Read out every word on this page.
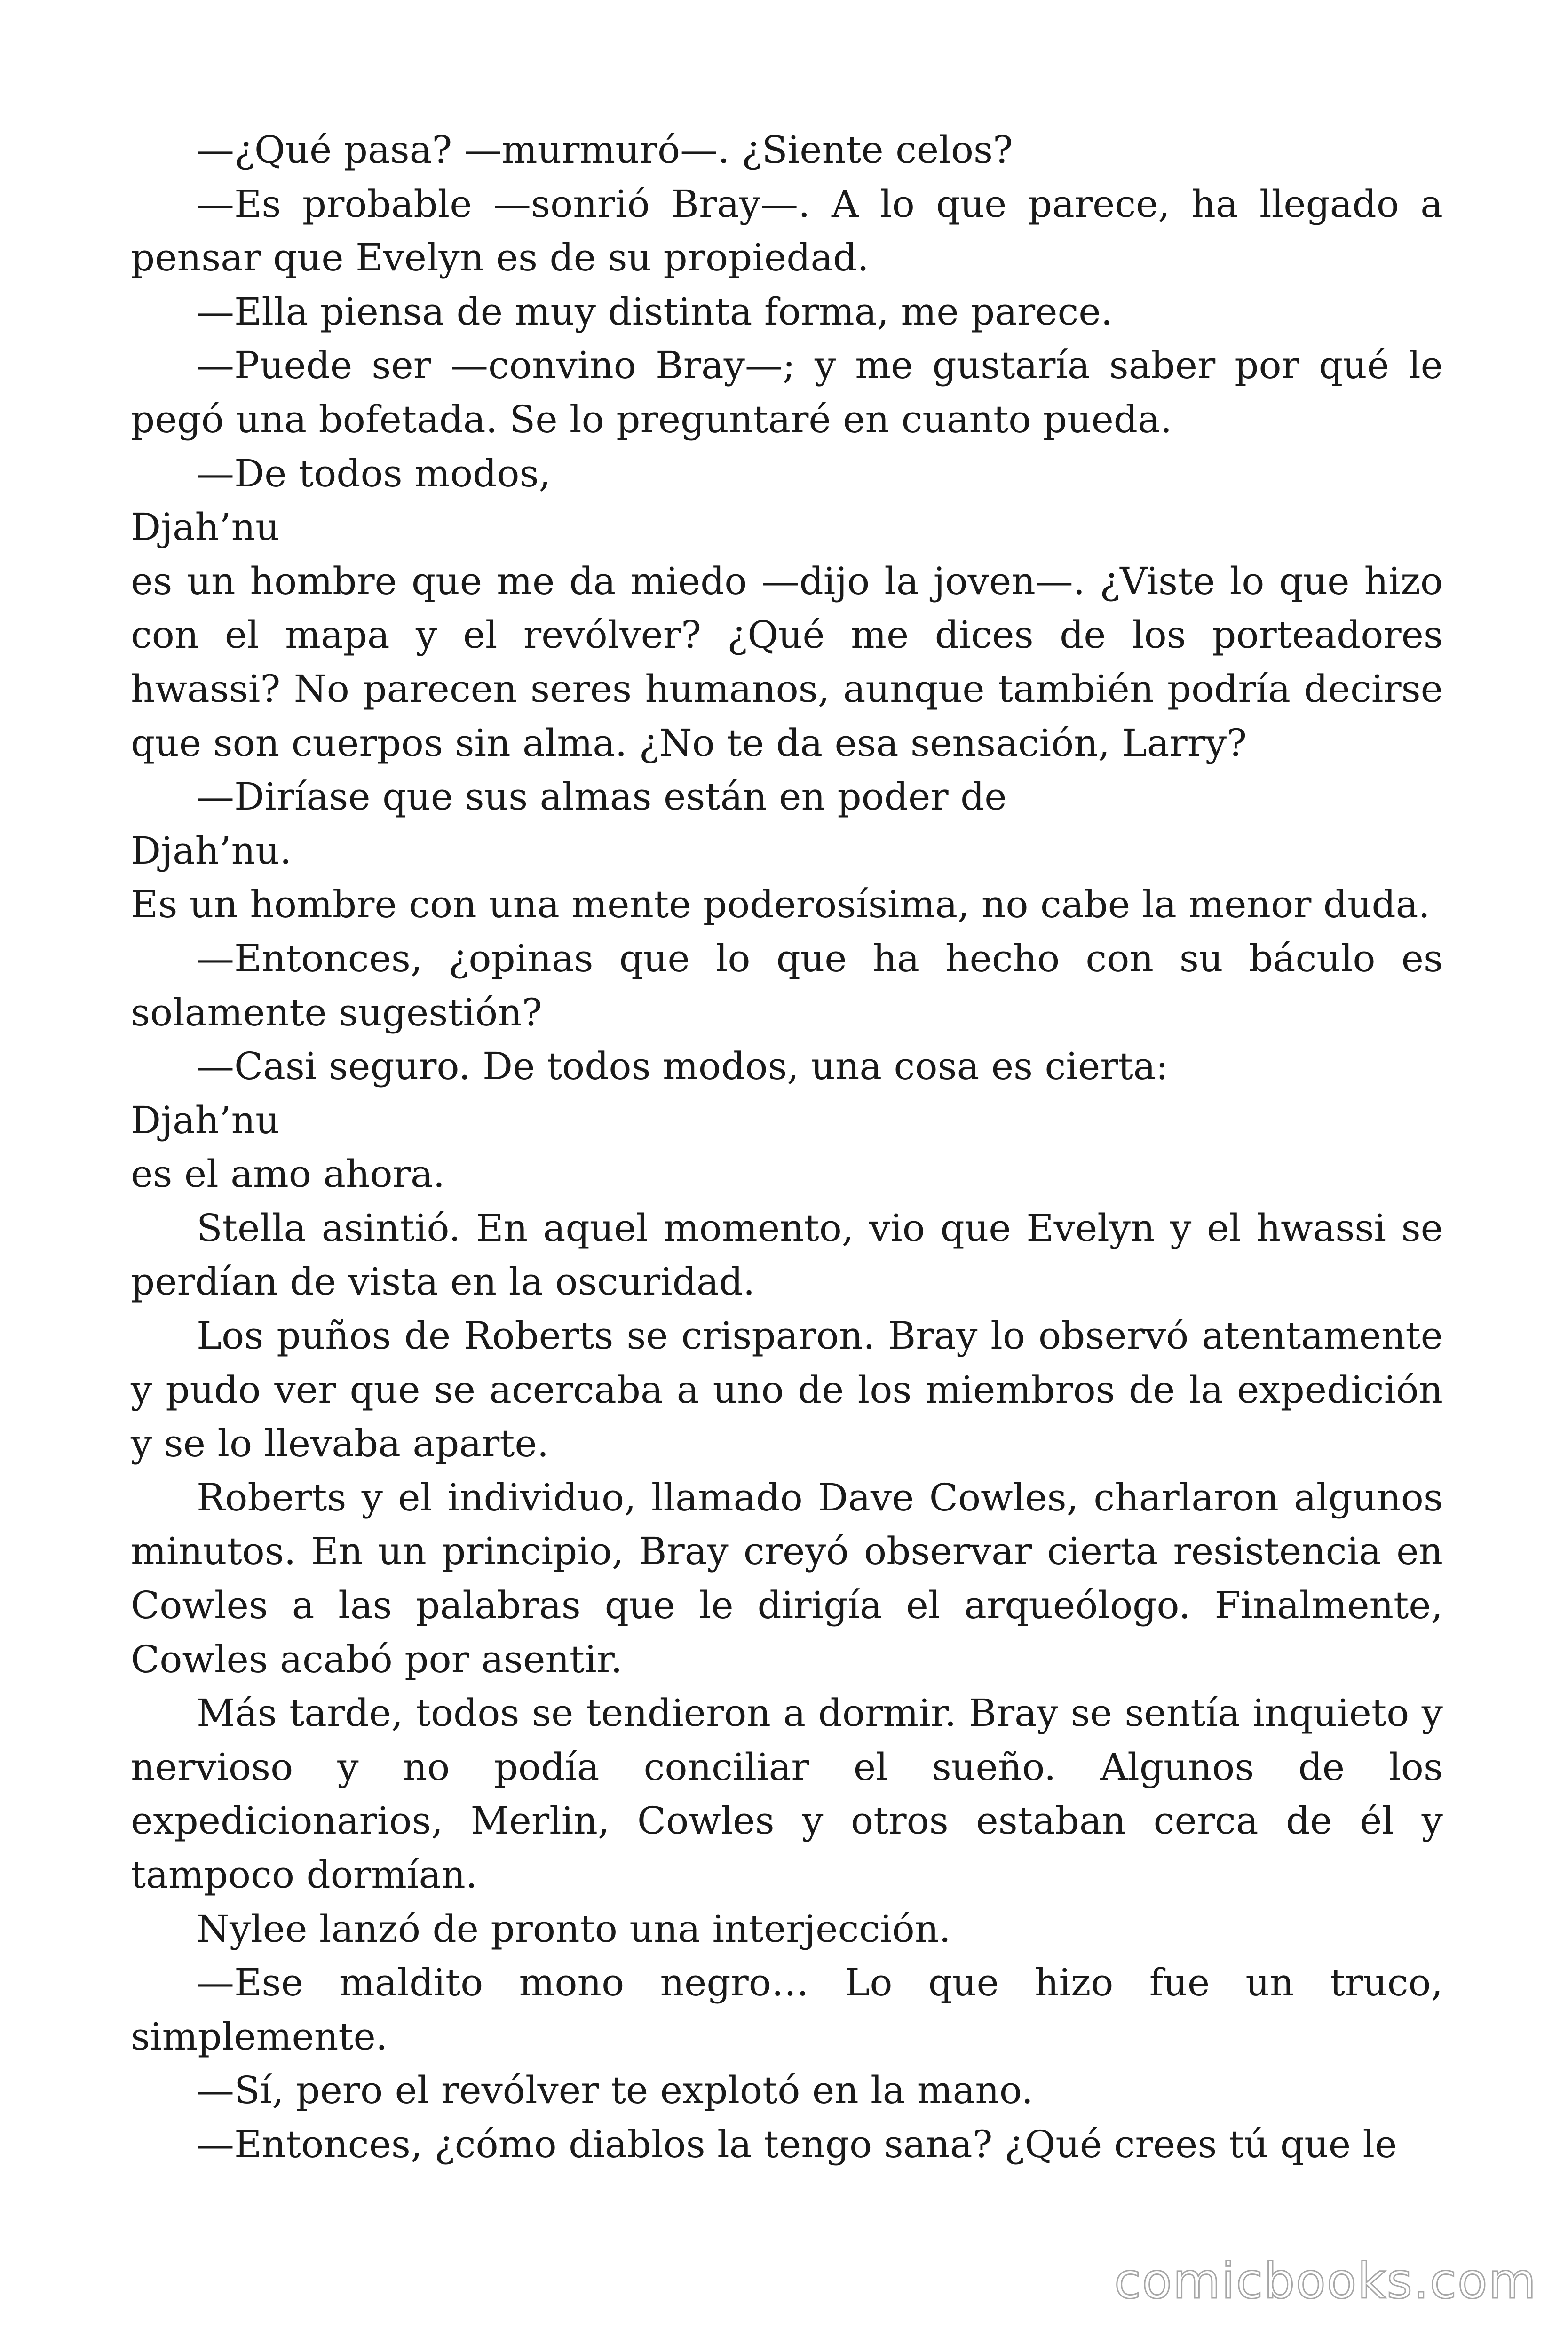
—¿Qué pasa? —murmuró—. ¿Siente celos?

—Es probable —sonrió Bray—. A lo que parece, ha llegado a pensar que Evelyn es de su propiedad.

—Ella piensa de muy distinta forma, me parece.

—Puede ser —convino Bray—; y me gustaría saber por qué le pegó una bofetada. Se lo preguntaré en cuanto pueda.

—De todos modos,

Djah’nu

es un hombre que me da miedo —dijo la joven—. ¿Viste lo que hizo con el mapa y el revólver? ¿Qué me dices de los porteadores hwassi? No parecen seres humanos, aunque también podría decirse que son cuerpos sin alma. ¿No te da esa sensación, Larry?

—Diríase que sus almas están en poder de

Djah’nu.

Es un hombre con una mente poderosísima, no cabe la menor duda.

—Entonces, ¿opinas que lo que ha hecho con su báculo es solamente sugestión?

—Casi seguro. De todos modos, una cosa es cierta:

Djah’nu

es el amo ahora.

Stella asintió. En aquel momento, vio que Evelyn y el hwassi se perdían de vista en la oscuridad.

Los puños de Roberts se crisparon. Bray lo observó atentamente y pudo ver que se acercaba a uno de los miembros de la expedición y se lo llevaba aparte.

Roberts y el individuo, llamado Dave Cowles, charlaron algunos minutos. En un principio, Bray creyó observar cierta resistencia en Cowles a las palabras que le dirigía el arqueólogo. Finalmente, Cowles acabó por asentir.

Más tarde, todos se tendieron a dormir. Bray se sentía inquieto y nervioso y no podía conciliar el sueño. Algunos de los expedicionarios, Merlin, Cowles y otros estaban cerca de él y tampoco dormían.

Nylee lanzó de pronto una interjección.

—Ese maldito mono negro… Lo que hizo fue un truco, simplemente.

—Sí, pero el revólver te explotó en la mano.

—Entonces, ¿cómo diablos la tengo sana? ¿Qué crees tú que le

comicbooks.com
